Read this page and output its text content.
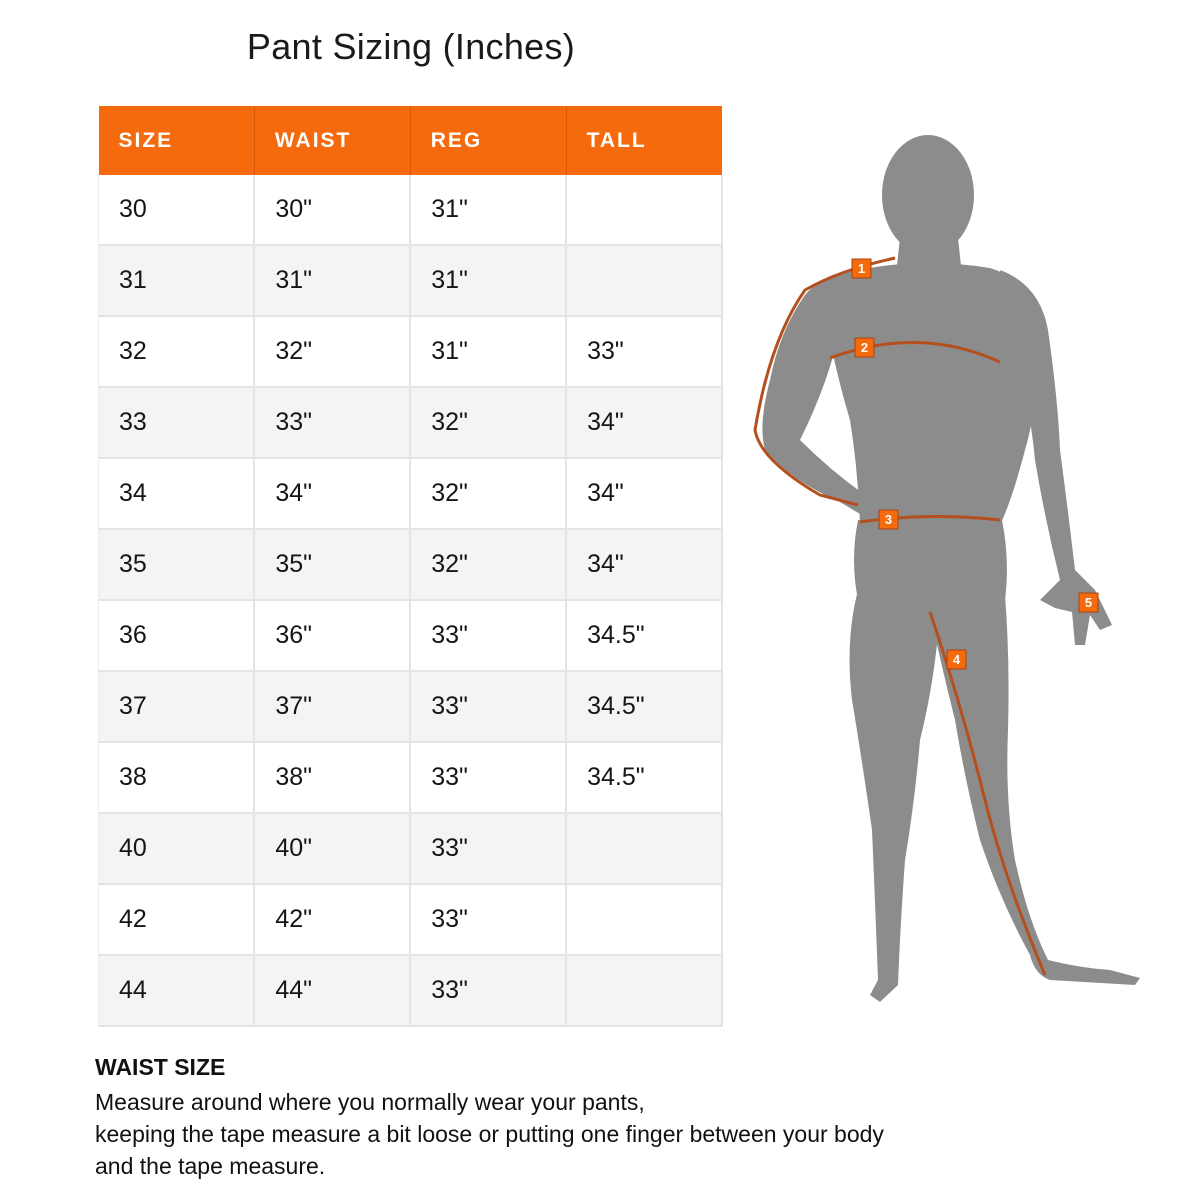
Pant Sizing (Inches)
SIZE	WAIST	REG	TALL
30	30"	31"	
31	31"	31"	
32	32"	31"	33"
33	33"	32"	34"
34	34"	32"	34"
35	35"	32"	34"
36	36"	33"	34.5"
37	37"	33"	34.5"
38	38"	33"	34.5"
40	40"	33"	
42	42"	33"	
44	44"	33"	
1
2
3
4
5
WAIST SIZE
Measure around where you normally wear your pants,
keeping the tape measure a bit loose or putting one finger between your body
and the tape measure.
